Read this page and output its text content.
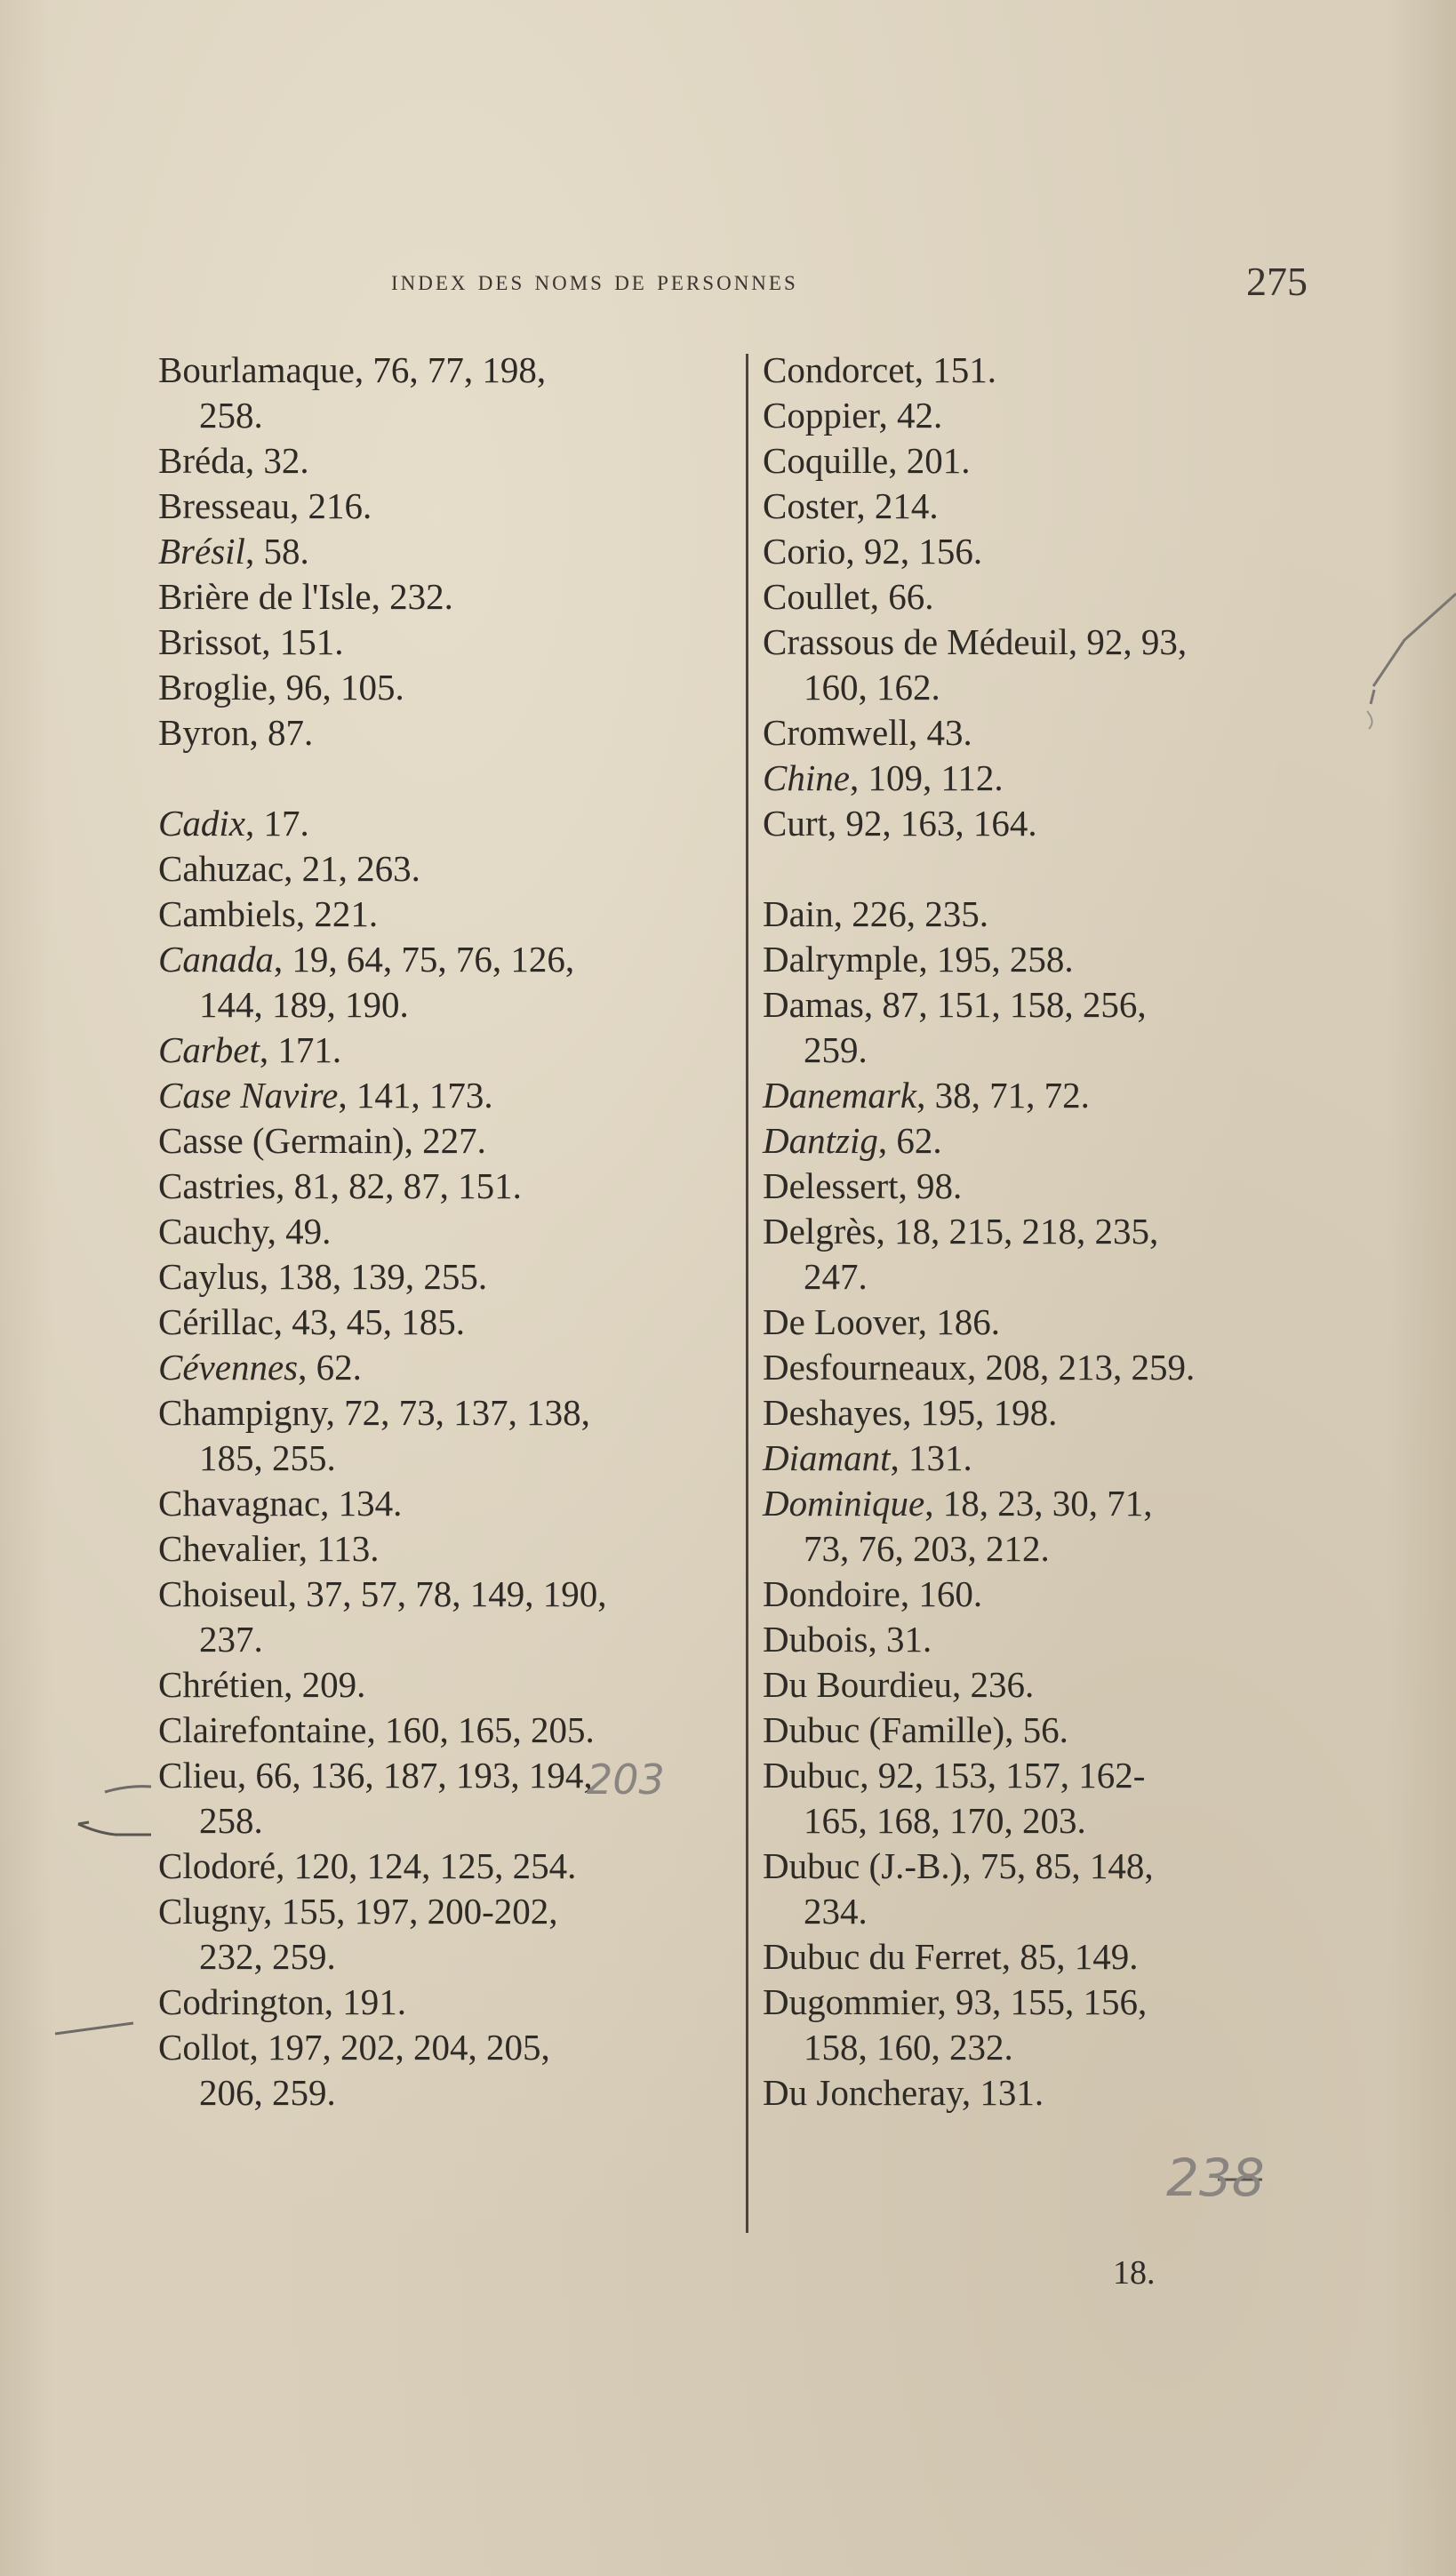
index des noms de personnes	275
Bourlamaque, 76, 77, 198,
258.
Bréda, 32.
Bresseau, 216.
Brésil, 58.
Brière de l'Isle, 232.
Brissot, 151.
Broglie, 96, 105.
Byron, 87.
Cadix, 17.
Cahuzac, 21, 263.
Cambiels, 221.
Canada, 19, 64, 75, 76, 126,
144, 189, 190.
Carbet, 171.
Case Navire, 141, 173.
Casse (Germain), 227.
Castries, 81, 82, 87, 151.
Cauchy, 49.
Caylus, 138, 139, 255.
Cérillac, 43, 45, 185.
Cévennes, 62.
Champigny, 72, 73, 137, 138,
185, 255.
Chavagnac, 134.
Chevalier, 113.
Choiseul, 37, 57, 78, 149, 190,
237.
Chrétien, 209.
Clairefontaine, 160, 165, 205.
Clieu, 66, 136, 187, 193, 194,
258.
Clodoré, 120, 124, 125, 254.
Clugny, 155, 197, 200-202,
232, 259.
Codrington, 191.
Collot, 197, 202, 204, 205,
206, 259.
Condorcet, 151.
Coppier, 42.
Coquille, 201.
Coster, 214.
Corio, 92, 156.
Coullet, 66.
Crassous de Médeuil, 92, 93,
160, 162.
Cromwell, 43.
Chine, 109, 112.
Curt, 92, 163, 164.
Dain, 226, 235.
Dalrymple, 195, 258.
Damas, 87, 151, 158, 256,
259.
Danemark, 38, 71, 72.
Dantzig, 62.
Delessert, 98.
Delgrès, 18, 215, 218, 235,
247.
De Loover, 186.
Desfourneaux, 208, 213, 259.
Deshayes, 195, 198.
Diamant, 131.
Dominique, 18, 23, 30, 71,
73, 76, 203, 212.
Dondoire, 160.
Dubois, 31.
Du Bourdieu, 236.
Dubuc (Famille), 56.
Dubuc, 92, 153, 157, 162-
165, 168, 170, 203.
Dubuc (J.-B.), 75, 85, 148,
234.
Dubuc du Ferret, 85, 149.
Dugommier, 93, 155, 156,
158, 160, 232.
Du Joncheray, 131.
18.
203
238
